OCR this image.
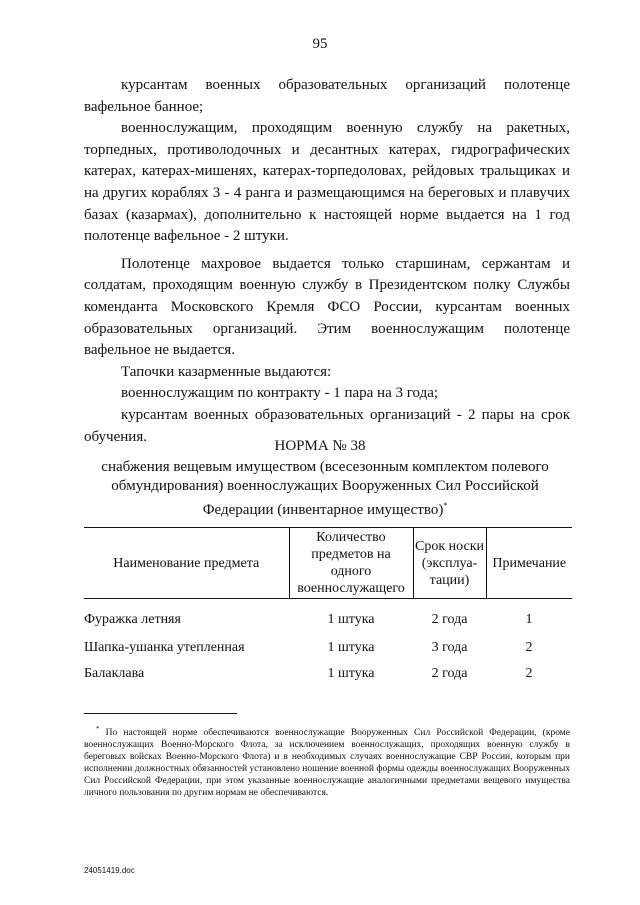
95

курсантам военных образовательных организаций полотенце вафельное банное;

военнослужащим, проходящим военную службу на ракетных, торпедных, противолодочных и десантных катерах, гидрографических катерах, катерах-мишенях, катерах-торпедоловах, рейдовых тральщиках и на других кораблях 3 - 4 ранга и размещающимся на береговых и плавучих базах (казармах), дополнительно к настоящей норме выдается на 1 год полотенце вафельное - 2 штуки.

Полотенце махровое выдается только старшинам, сержантам и солдатам, проходящим военную службу в Президентском полку Службы коменданта Московского Кремля ФСО России, курсантам военных образовательных организаций. Этим военнослужащим полотенце вафельное не выдается.

Тапочки казарменные выдаются:

военнослужащим по контракту - 1 пара на 3 года;

курсантам военных образовательных организаций - 2 пары на срок обучения.

НОРМА № 38
снабжения вещевым имуществом (всесезонным комплектом полевого обмундирования) военнослужащих Вооруженных Сил Российской Федерации (инвентарное имущество)*
Наименование предмета	Количество предметов на одного военнослужащего	Срок носки (эксплуа-тации)	Примечание
Фуражка летняя	1 штука	2 года	1
Шапка-ушанка утепленная	1 штука	3 года	2
Балаклава	1 штука	2 года	2

* По настоящей норме обеспечиваются военнослужащие Вооруженных Сил Российской Федерации, (кроме военнослужащих Военно-Морского Флота, за исключением военнослужащих, проходящих военную службу в береговых войсках Военно-Морского Флота) и в необходимых случаях военнослужащие СВР России, которым при исполнении должностных обязанностей установлено ношение военной формы одежды военнослужащих Вооруженных Сил Российской Федерации, при этом указанные военнослужащие аналогичными предметами вещевого имущества личного пользования по другим нормам не обеспечиваются.

24051419.doc
